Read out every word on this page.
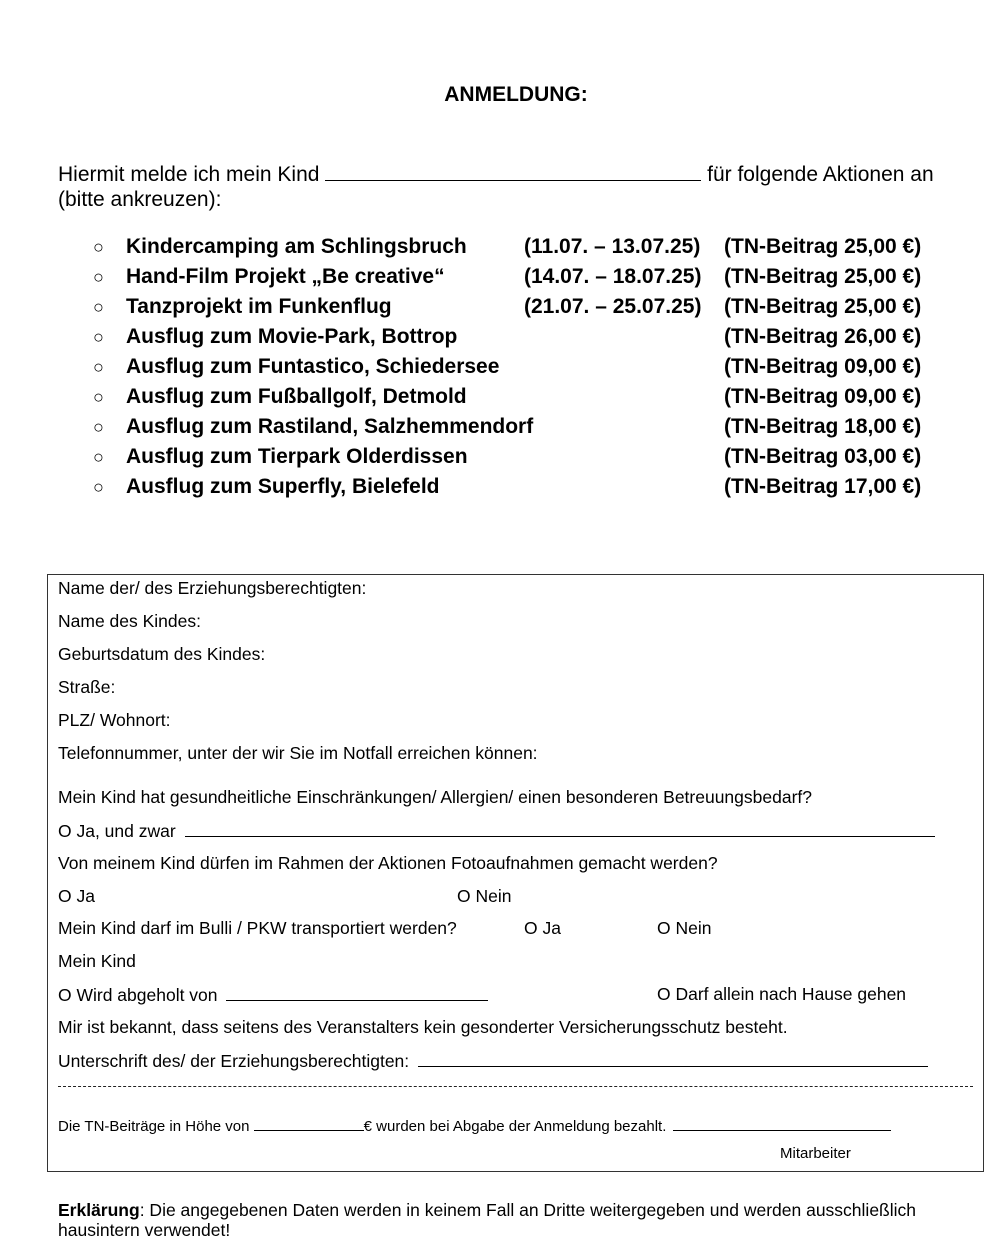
ANMELDUNG:
Hiermit melde ich mein Kind	für folgende Aktionen an
(bitte ankreuzen):
○ Kindercamping am Schlingsbruch	(11.07. – 13.07.25) (TN-Beitrag 25,00 €)
○ Hand-Film Projekt „Be creative“	(14.07. – 18.07.25) (TN-Beitrag 25,00 €)
○ Tanzprojekt im Funkenflug	(21.07. – 25.07.25) (TN-Beitrag 25,00 €)
○ Ausflug zum Movie-Park, Bottrop	(TN-Beitrag 26,00 €)
○ Ausflug zum Funtastico, Schiedersee	(TN-Beitrag 09,00 €)
○ Ausflug zum Fußballgolf, Detmold	(TN-Beitrag 09,00 €)
○ Ausflug zum Rastiland, Salzhemmendorf	(TN-Beitrag 18,00 €)
○ Ausflug zum Tierpark Olderdissen	(TN-Beitrag 03,00 €)
○ Ausflug zum Superfly, Bielefeld	(TN-Beitrag 17,00 €)
Name der/ des Erziehungsberechtigten:
Name des Kindes:
Geburtsdatum des Kindes:
Straße:
PLZ/ Wohnort:
Telefonnummer, unter der wir Sie im Notfall erreichen können:
Mein Kind hat gesundheitliche Einschränkungen/ Allergien/ einen besonderen Betreuungsbedarf?
O Ja, und zwar
Von meinem Kind dürfen im Rahmen der Aktionen Fotoaufnahmen gemacht werden?
O Ja	O Nein
Mein Kind darf im Bulli / PKW transportiert werden?	O Ja	O Nein
Mein Kind
O Wird abgeholt von	O Darf allein nach Hause gehen
Mir ist bekannt, dass seitens des Veranstalters kein gesonderter Versicherungsschutz besteht.
Unterschrift des/ der Erziehungsberechtigten:
Die TN-Beiträge in Höhe von	€ wurden bei Abgabe der Anmeldung bezahlt.
Mitarbeiter
Erklärung: Die angegebenen Daten werden in keinem Fall an Dritte weitergegeben und werden ausschließlich hausintern verwendet!
